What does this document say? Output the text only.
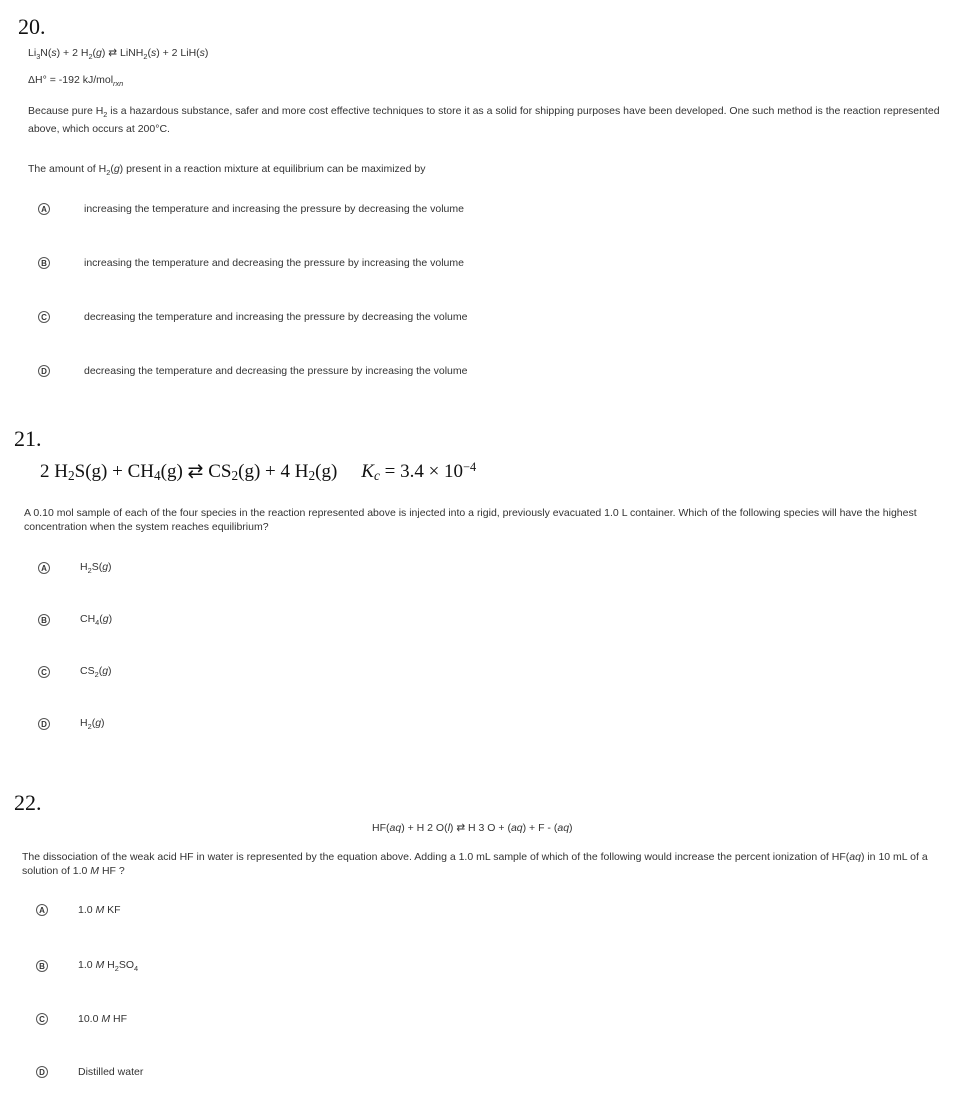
20.
$Li_3N(s) + 2$ $H_2(g)$ ⇄ LiNH$_2$(s) + 2 LiH(s)
ΔH° = -192 kJ/mol$_{rxn}$
Because pure $H_2$ is a hazardous substance, safer and more cost effective techniques to store it as a solid for shipping purposes have been developed. One such method is the reaction represented above, which occurs at 200°C.
The amount of $H_2(g)$ present in a reaction mixture at equilibrium can be maximized by
A	increasing the temperature and increasing the pressure by decreasing the volume
B	increasing the temperature and decreasing the pressure by increasing the volume
C	decreasing the temperature and increasing the pressure by decreasing the volume
D	decreasing the temperature and decreasing the pressure by increasing the volume
21.
2 $H_2S(g) + CH_4(g)$ ⇄ $CS_2(g) + 4$ $H_2(g) K_c = 3.4 \times 10^{-4}$
A 0.10 mol sample of each of the four species in the reaction represented above is injected into a rigid, previously evacuated 1.0 L container. Which of the following species will have the highest concentration when the system reaches equilibrium?
A	$H_2S(g)$
B	$CH_4(g)$
C	$CS_2(g)$
D	$H_2(g)$
22.
HF(aq) + H 2 O(l) ⇄ H 3 O + (aq) + F - (aq)
The dissociation of the weak acid HF in water is represented by the equation above. Adding a 1.0 mL sample of which of the following would increase the percent ionization of HF(aq) in 10 mL of a solution of 1.0 M HF ?
A	1.0 M KF
B	1.0 M $H_2SO_4$
C	10.0 M HF
D	Distilled water
